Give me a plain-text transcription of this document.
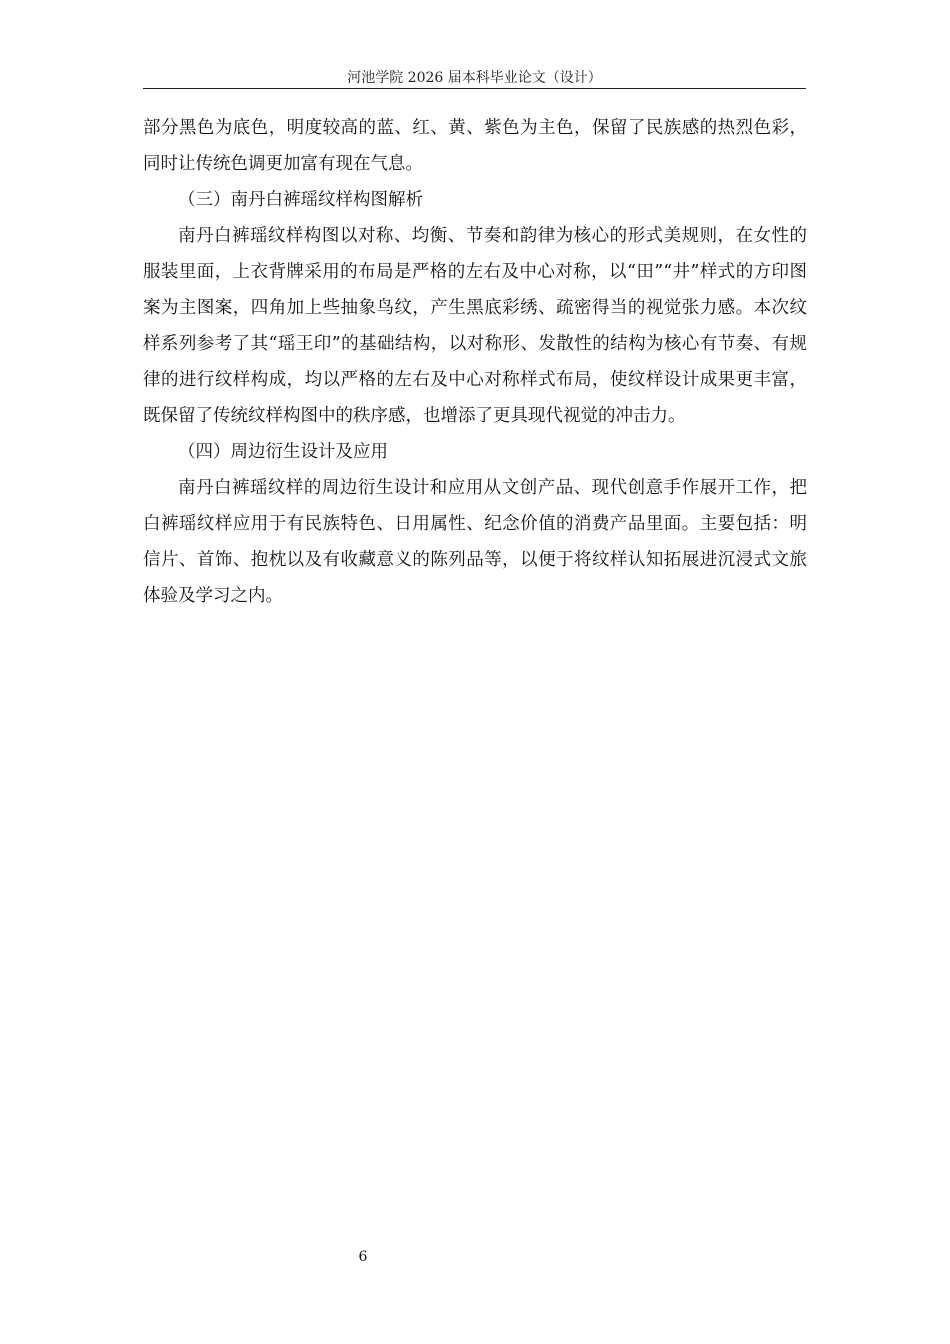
河池学院 2026 届本科毕业论文（设计）

部分黑色为底色，明度较高的蓝、红、黄、紫色为主色，保留了民族感的热烈色彩，同时让传统色调更加富有现在气息。

（三）南丹白裤瑶纹样构图解析

南丹白裤瑶纹样构图以对称、均衡、节奏和韵律为核心的形式美规则，在女性的服装里面，上衣背牌采用的布局是严格的左右及中心对称，以“田”“井”样式的方印图案为主图案，四角加上些抽象鸟纹，产生黑底彩绣、疏密得当的视觉张力感。本次纹样系列参考了其“瑶王印”的基础结构，以对称形、发散性的结构为核心有节奏、有规律的进行纹样构成，均以严格的左右及中心对称样式布局，使纹样设计成果更丰富，既保留了传统纹样构图中的秩序感，也增添了更具现代视觉的冲击力。

（四）周边衍生设计及应用

南丹白裤瑶纹样的周边衍生设计和应用从文创产品、现代创意手作展开工作，把白裤瑶纹样应用于有民族特色、日用属性、纪念价值的消费产品里面。主要包括：明信片、首饰、抱枕以及有收藏意义的陈列品等，以便于将纹样认知拓展进沉浸式文旅体验及学习之内。

6
